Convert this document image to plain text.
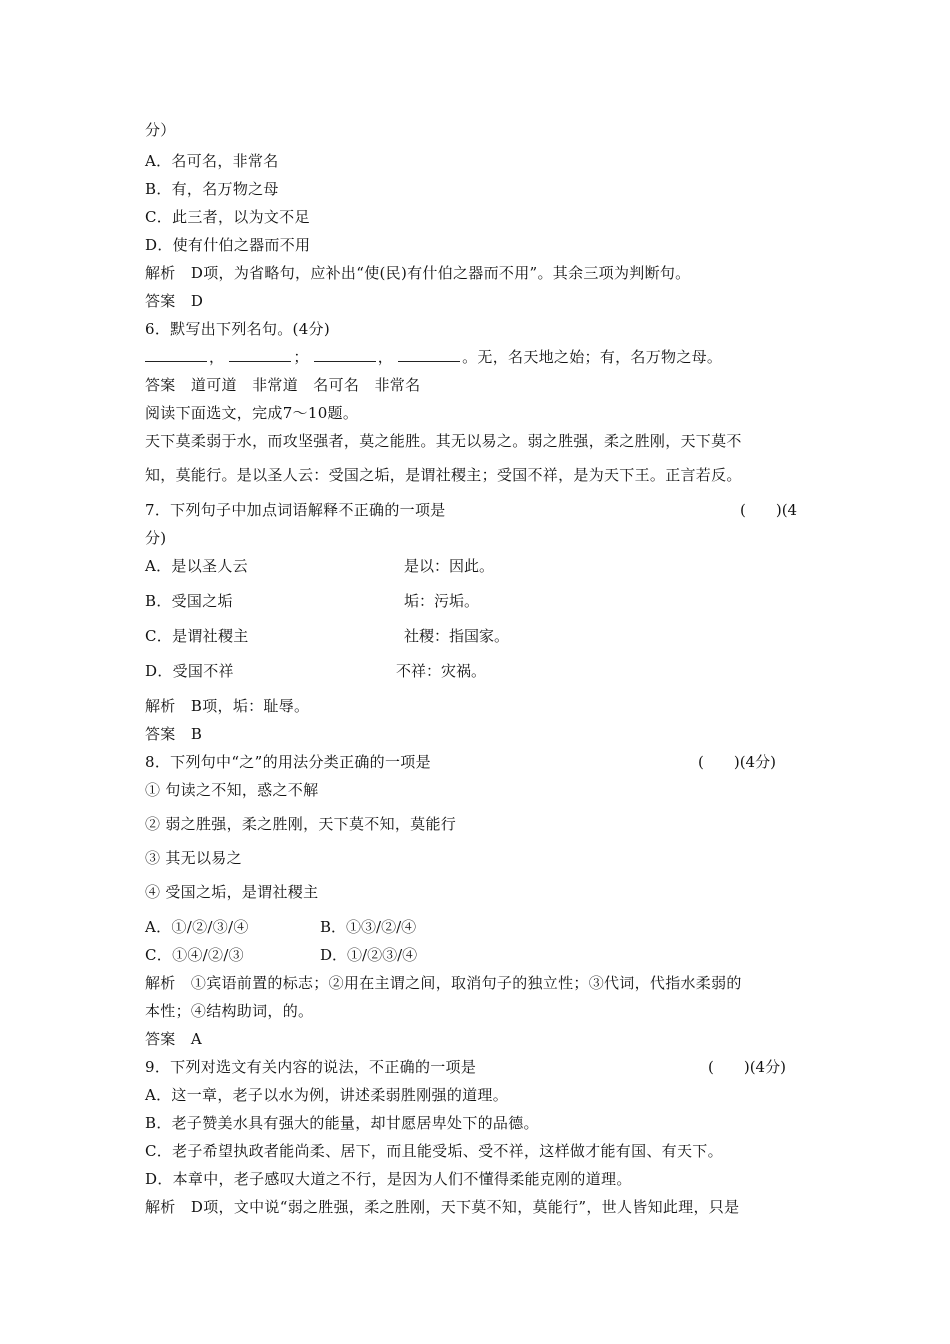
分）
A．名可名，非常名
B．有，名万物之母
C．此三者，以为文不足
D．使有什伯之器而不用
解析　D项，为省略句，应补出“使(民)有什伯之器而不用”。其余三项为判断句。
答案　D
6．默写出下列名句。(4分)
，	；	，	。无，名天地之始；有，名万物之母。
答案　道可道　非常道　名可名　非常名
阅读下面选文，完成7～10题。
天下莫柔弱于水，而攻坚强者，莫之能胜。其无以易之。弱之胜强，柔之胜刚，天下莫不
知，莫能行。是以圣人云：受国之垢，是谓社稷主；受国不祥，是为天下王。正言若反。
7．下列句子中加点词语解释不正确的一项是	(　　)(4
分)
A．是以圣人云	是以：因此。
B．受国之垢	垢：污垢。
C．是谓社稷主	社稷：指国家。
D．受国不祥	不祥：灾祸。
解析　B项，垢：耻辱。
答案　B
8．下列句中“之”的用法分类正确的一项是	(　　)(4分)
① 句读之不知，惑之不解
② 弱之胜强，柔之胜刚，天下莫不知，莫能行
③ 其无以易之
④ 受国之垢，是谓社稷主
A．①/②/③/④	B．①③/②/④
C．①④/②/③	D．①/②③/④
解析　①宾语前置的标志；②用在主谓之间，取消句子的独立性；③代词，代指水柔弱的
本性；④结构助词，的。
答案　A
9．下列对选文有关内容的说法，不正确的一项是	(　　)(4分)
A．这一章，老子以水为例，讲述柔弱胜刚强的道理。
B．老子赞美水具有强大的能量，却甘愿居卑处下的品德。
C．老子希望执政者能尚柔、居下，而且能受垢、受不祥，这样做才能有国、有天下。
D．本章中，老子感叹大道之不行，是因为人们不懂得柔能克刚的道理。
解析　D项，文中说“弱之胜强，柔之胜刚，天下莫不知，莫能行”，世人皆知此理，只是
